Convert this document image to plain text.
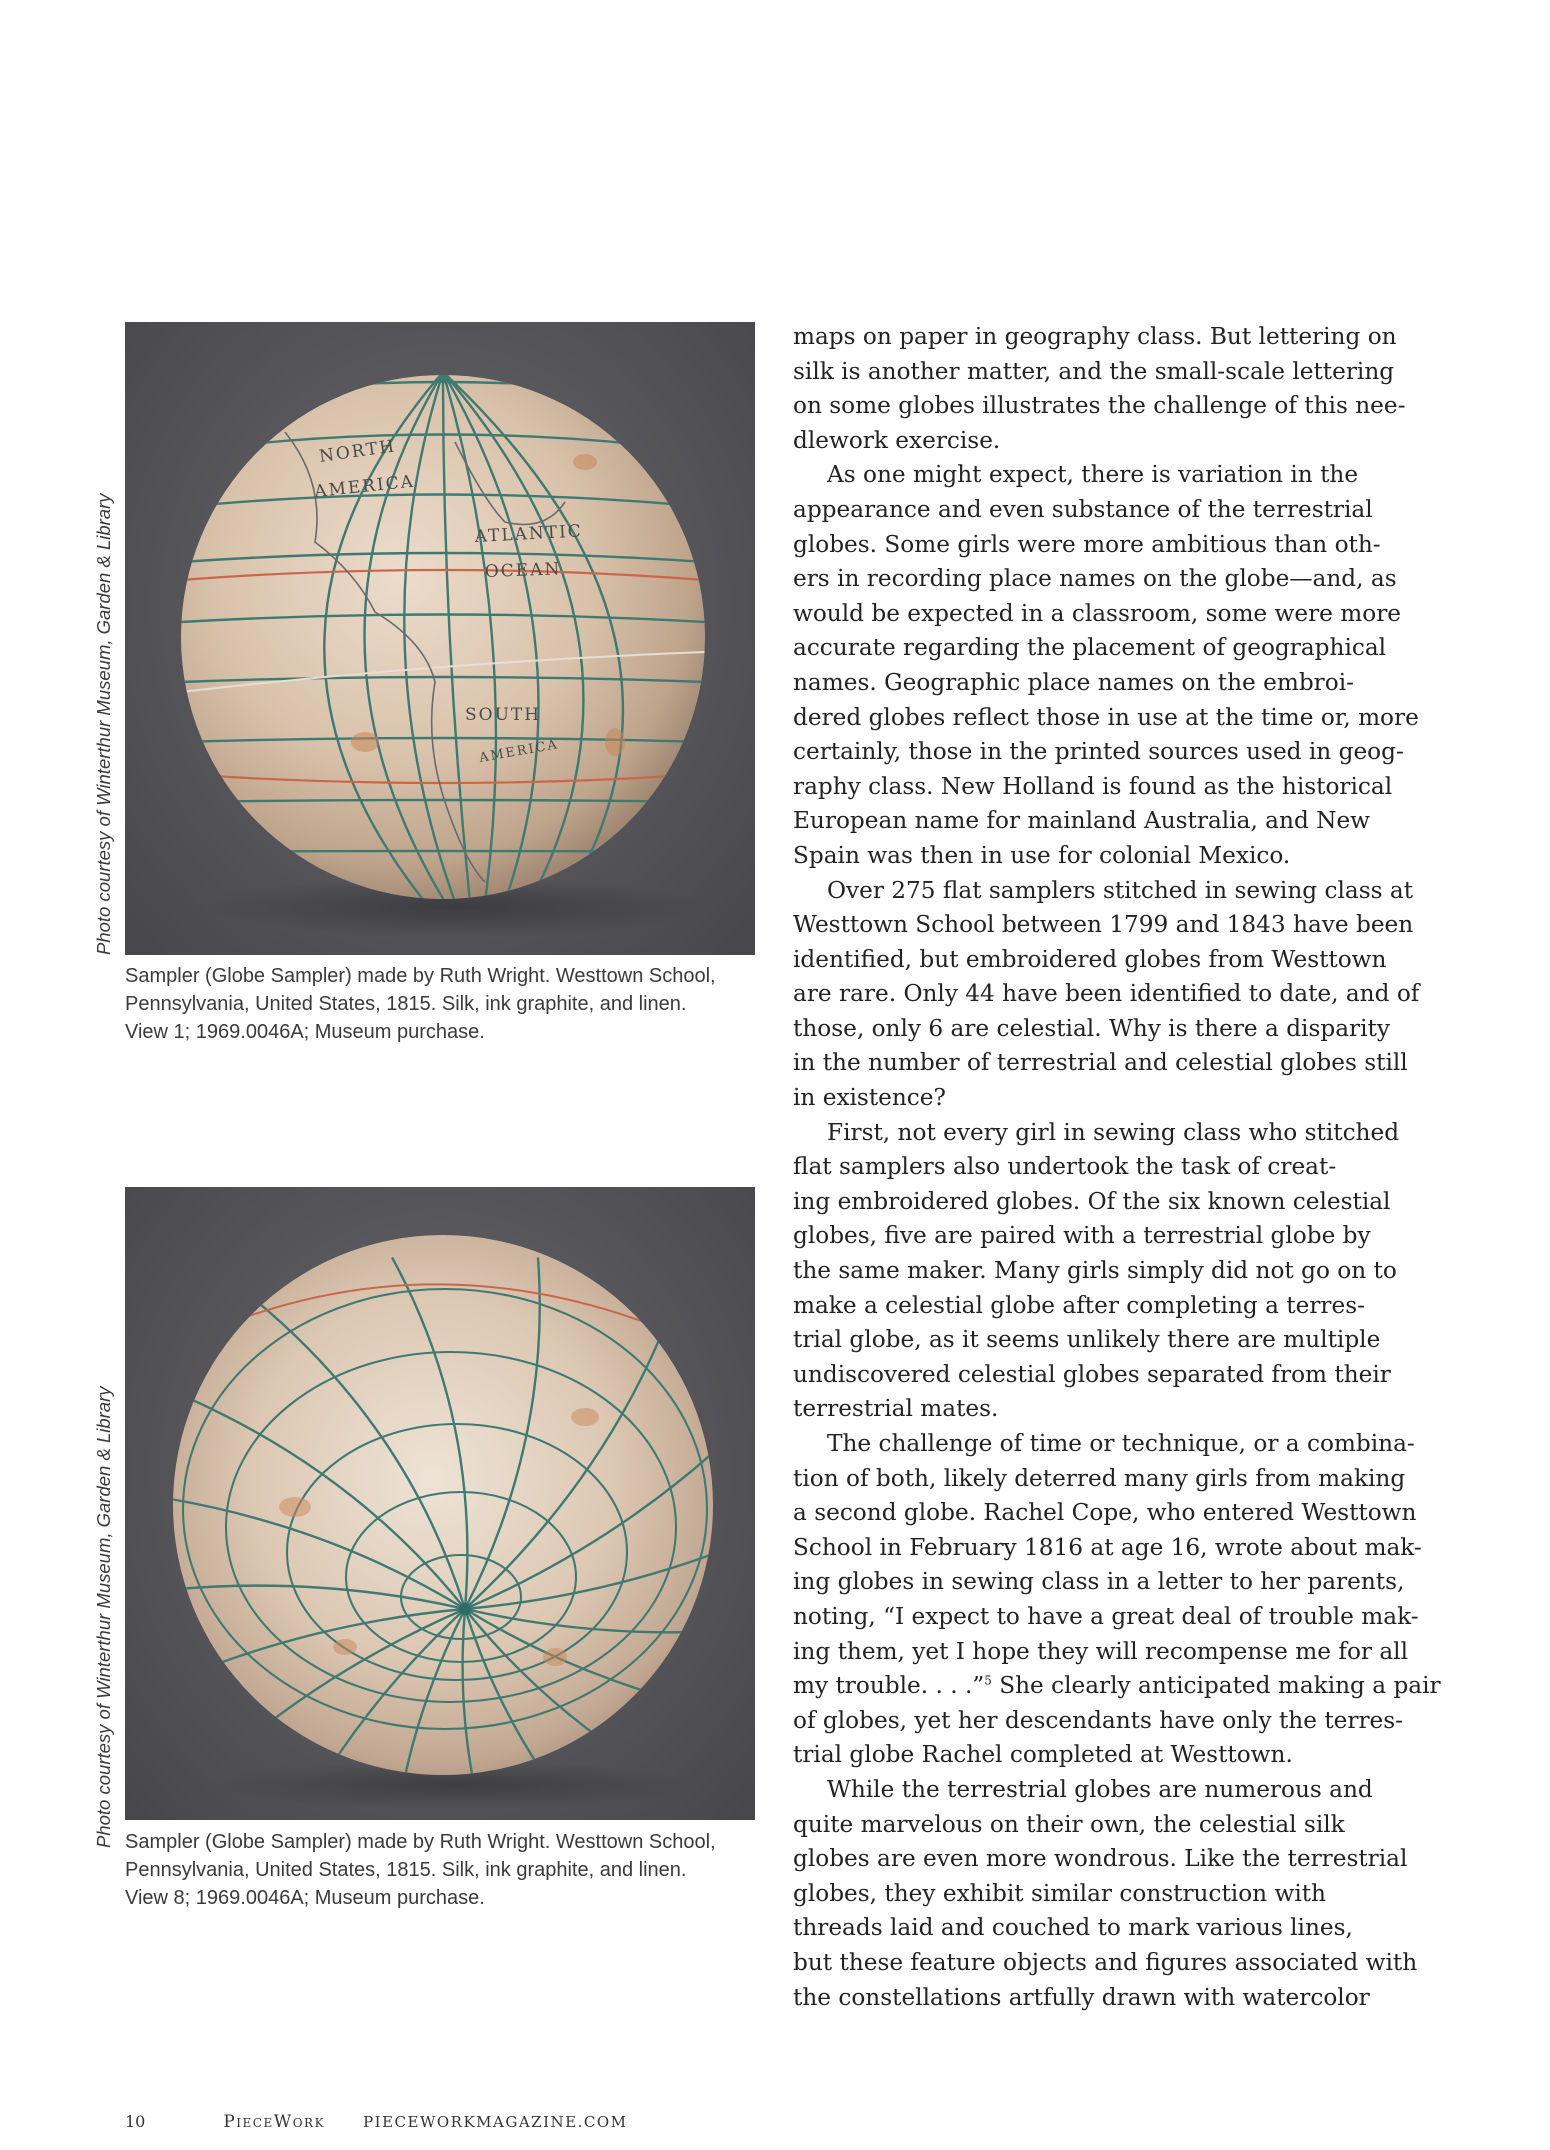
NORTH
AMERICA
ATLANTIC
OCEAN
SOUTH
AMERICA
Photo courtesy of Winterthur Museum, Garden & Library
Sampler (Globe Sampler) made by Ruth Wright. Westtown School,
Pennsylvania, United States, 1815. Silk, ink graphite, and linen.
View 1; 1969.0046A; Museum purchase.
Photo courtesy of Winterthur Museum, Garden & Library Sampler (Globe Sampler) made by Ruth Wright. Westtown School,
Pennsylvania, United States, 1815. Silk, ink graphite, and linen.
View 8; 1969.0046A; Museum purchase.

maps on paper in geography class. But lettering on
silk is another matter, and the small-scale lettering
on some globes illustrates the challenge of this nee-
dlework exercise.

As one might expect, there is variation in the
appearance and even substance of the terrestrial
globes. Some girls were more ambitious than oth-
ers in recording place names on the globe—and, as
would be expected in a classroom, some were more
accurate regarding the placement of geographical
names. Geographic place names on the embroi-
dered globes reflect those in use at the time or, more
certainly, those in the printed sources used in geog-
raphy class. New Holland is found as the historical
European name for mainland Australia, and New
Spain was then in use for colonial Mexico.

Over 275 flat samplers stitched in sewing class at
Westtown School between 1799 and 1843 have been
identified, but embroidered globes from Westtown
are rare. Only 44 have been identified to date, and of
those, only 6 are celestial. Why is there a disparity
in the number of terrestrial and celestial globes still
in existence?

First, not every girl in sewing class who stitched
flat samplers also undertook the task of creat-
ing embroidered globes. Of the six known celestial
globes, five are paired with a terrestrial globe by
the same maker. Many girls simply did not go on to
make a celestial globe after completing a terres-
trial globe, as it seems unlikely there are multiple
undiscovered celestial globes separated from their
terrestrial mates.

The challenge of time or technique, or a combina-
tion of both, likely deterred many girls from making
a second globe. Rachel Cope, who entered Westtown
School in February 1816 at age 16, wrote about mak-
ing globes in sewing class in a letter to her parents,
noting, “I expect to have a great deal of trouble mak-
ing them, yet I hope they will recompense me for all
my trouble. . . .”$^5$ She clearly anticipated making a pair
of globes, yet her descendants have only the terres-
trial globe Rachel completed at Westtown.

While the terrestrial globes are numerous and
quite marvelous on their own, the celestial silk
globes are even more wondrous. Like the terrestrial
globes, they exhibit similar construction with
threads laid and couched to mark various lines,
but these feature objects and figures associated with
the constellations artfully drawn with watercolor

10	PieceWork	PIECEWORKMAGAZINE.COM
